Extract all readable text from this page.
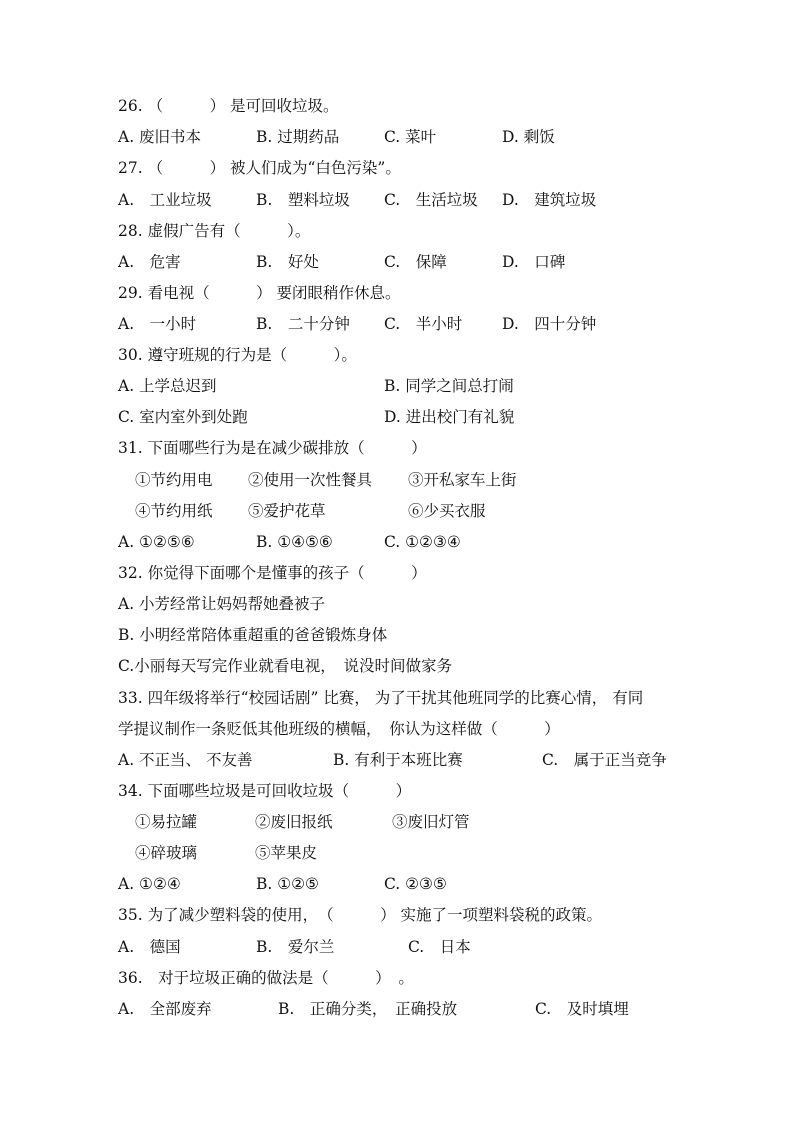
26. （　　　） 是可回收垃圾。

A. 废旧书本

	B. 过期药品

	C. 菜叶

	D. 剩饭

27. （　　　） 被人们成为“白色污染”。

A.　工业垃圾

	B.　塑料垃圾

C.　生活垃圾

D.　建筑垃圾

28. 虚假广告有（　　　）。

A.　危害

	B.　好处

	C.　保障

	D.　口碑

29. 看电视（　　　） 要闭眼稍作休息。

A.　一小时

	B.　二十分钟

C.　半小时

	D.　四十分钟

30. 遵守班规的行为是（　　　）。

A. 上学总迟到

	B. 同学之间总打闹

C. 室内室外到处跑

	D. 进出校门有礼貌

31. 下面哪些行为是在减少碳排放（　　　）

①节约用电

②使用一次性餐具

③开私家车上街

④节约用纸

⑤爱护花草

	⑥少买衣服

A. ①②⑤⑥

	B. ①④⑤⑥

	C. ①②③④

32. 你觉得下面哪个是懂事的孩子（　　　）

A. 小芳经常让妈妈帮她叠被子

B. 小明经常陪体重超重的爸爸锻炼身体

C.小丽每天写完作业就看电视，　说没时间做家务

33. 四年级将举行“校园话剧” 比赛， 为了干扰其他班同学的比赛心情， 有同

学提议制作一条贬低其他班级的横幅，　你认为这样做（　　　）

A. 不正当、 不友善

	B. 有利于本班比赛

	C.　属于正当竞争

34. 下面哪些垃圾是可回收垃圾（　　　）

①易拉罐

	②废旧报纸

	③废旧灯管

④碎玻璃

	⑤苹果皮

A. ①②④

	B. ①②⑤

	C. ②③⑤

35. 为了减少塑料袋的使用，　（　　　） 实施了一项塑料袋税的政策。

A.　德国

	B.　爱尔兰

	C.　日本

36.　对于垃圾正确的做法是（　　　）　。

A.　全部废弃

	B.　正确分类，　正确投放

	C.　及时填埋
